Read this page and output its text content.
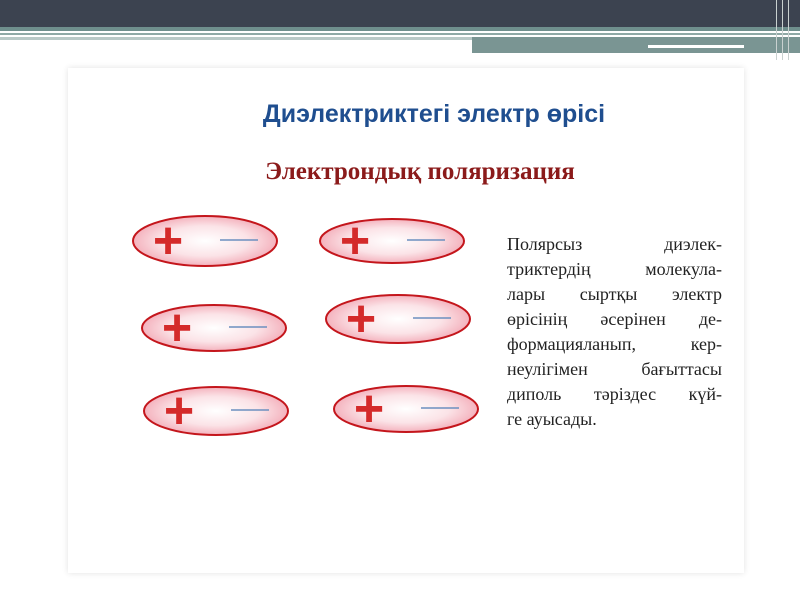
Диэлектриктегі электр өрісі
Электрондық поляризация
+	+
+	+
+	+

Полярсыз диэлек-
триктердің молекула-
лары сыртқы электр
өрісінің әсерінен де-
формацияланып, кер-
неулігімен бағыттасы
диполь тәріздес күй-
ге ауысады.
